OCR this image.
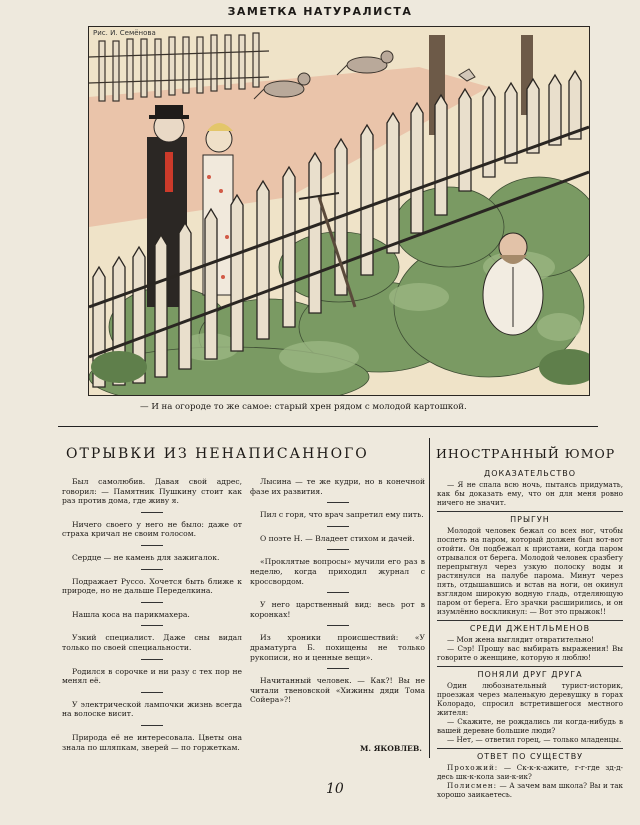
ЗАМЕТКА НАТУРАЛИСТА
Рис. И. Семёнова
— И на огороде то же самое: старый хрен рядом с молодой картошкой.
ОТРЫВКИ ИЗ НЕНАПИСАННОГО	ИНОСТРАННЫЙ ЮМОР

Был самолюбив. Давая свой адрес, говорил: — Памятник Пушкину стоит как раз против дома, где живу я.

Ничего своего у него не было: даже от страха кричал не своим голосом.

Сердце — не камень для зажигалок.

Подражает Руссо. Хочется быть ближе к природе, но не дальше Переделкина.

Нашла коса на парикмахера.

Узкий специалист. Даже сны видал только по своей специальности.

Родился в сорочке и ни разу с тех пор не менял её.

У электрической лампочки жизнь всегда на волоске висит.

Природа её не интересовала. Цветы она знала по шляпкам, зверей — по горжеткам.

Лысина — те же кудри, но в конечной фазе их развития.

Пил с горя, что врач запретил ему пить.

О поэте Н. — Владеет стихом и дачей.

«Проклятые вопросы» мучили его раз в неделю, когда приходил журнал с кроссвордом.

У него царственный вид: весь рот в коронках!

Из хроники происшествий: «У драматурга Б. похищены не только рукописи, но и ценные вещи».

Начитанный человек. — Как?! Вы не читали твеновской «Хижины дяди Тома Сойера»?!

М. ЯКОВЛЕВ.
ДОКАЗАТЕЛЬСТВО

— Я не спала всю ночь, пытаясь придумать, как бы доказать ему, что он для меня ровно ничего не значит.

ПРЫГУН

Молодой человек бежал со всех ног, чтобы поспеть на паром, который должен был вот-вот отойти. Он подбежал к пристани, когда паром отрывался от берега. Молодой человек сразбегу перепрыгнул через узкую полоску воды и растянулся на палубе парома. Минут через пять, отдышавшись и встав на ноги, он окинул взглядом широкую водную гладь, отделяющую паром от берега. Его зрачки расширились, и он изумлённо воскликнул: — Вот это прыжок!!

СРЕДИ ДЖЕНТЛЬМЕНОВ

— Моя жена выглядит отвратительно!

— Сэр! Прошу вас выбирать выражения! Вы говорите о женщине, которую я люблю!

ПОНЯЛИ ДРУГ ДРУГА

Один любознательный турист-историк, проезжая через маленькую деревушку в горах Колорадо, спросил встретившегося местного жителя:

— Скажите, не рождались ли когда-нибудь в вашей деревне большие люди?

— Нет, — ответил горец, — только младенцы.

ОТВЕТ ПО СУЩЕСТВУ

Прохожий: — Ск-к-к-ажите, г-г-где зд-д-десь шк-к-кола заи-к-ик?

Полисмен: — А зачем вам школа? Вы и так хорошо заикаетесь.

10
